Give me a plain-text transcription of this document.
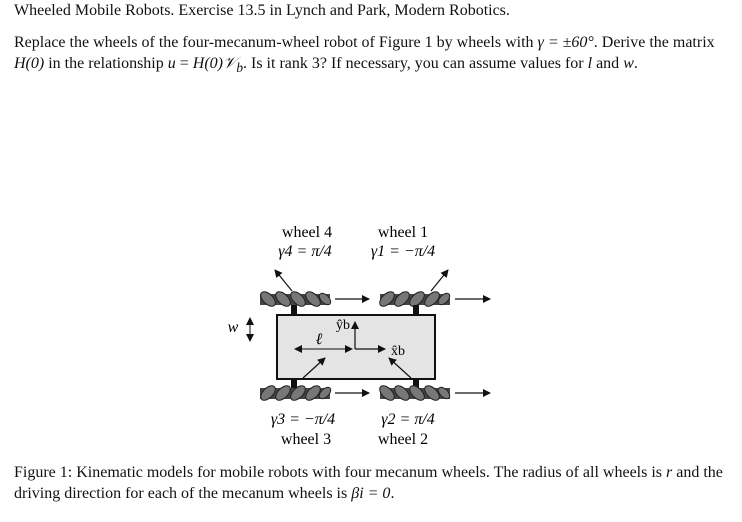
Wheeled Mobile Robots. Exercise 13.5 in Lynch and Park, Modern Robotics.
Replace the wheels of the four-mecanum-wheel robot of Figure 1 by wheels with γ = ±60°. Derive the matrix H(0) in the relationship u = H(0)𝒱$_b$. Is it rank 3? If necessary, you can assume values for l and w.
wheel 4
γ4 = π/4
wheel 1
γ1 = −π/4
w
ℓ
ŷb
x̂b
γ3 = −π/4
wheel 3
γ2 = π/4
wheel 2
Figure 1: Kinematic models for mobile robots with four mecanum wheels. The radius of all wheels is r and the driving direction for each of the mecanum wheels is βi = 0.
